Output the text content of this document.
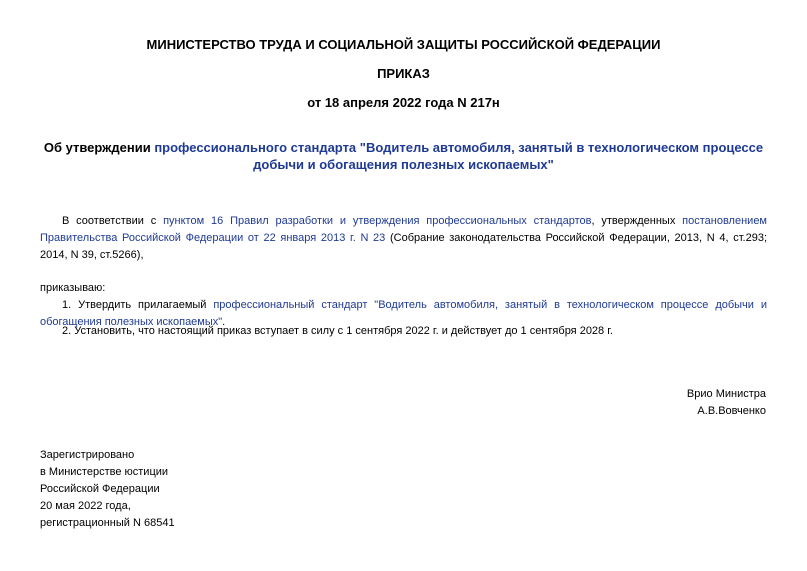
МИНИСТЕРСТВО ТРУДА И СОЦИАЛЬНОЙ ЗАЩИТЫ РОССИЙСКОЙ ФЕДЕРАЦИИ
ПРИКАЗ
от 18 апреля 2022 года N 217н
Об утверждении профессионального стандарта "Водитель автомобиля, занятый в технологическом процессе добычи и обогащения полезных ископаемых"
В соответствии с пунктом 16 Правил разработки и утверждения профессиональных стандартов, утвержденных постановлением Правительства Российской Федерации от 22 января 2013 г. N 23 (Собрание законодательства Российской Федерации, 2013, N 4, ст.293; 2014, N 39, ст.5266),
приказываю:
1. Утвердить прилагаемый профессиональный стандарт "Водитель автомобиля, занятый в технологическом процессе добычи и обогащения полезных ископаемых".
2. Установить, что настоящий приказ вступает в силу с 1 сентября 2022 г. и действует до 1 сентября 2028 г.
Врио Министра
А.В.Вовченко
Зарегистрировано
в Министерстве юстиции
Российской Федерации
20 мая 2022 года,
регистрационный N 68541
